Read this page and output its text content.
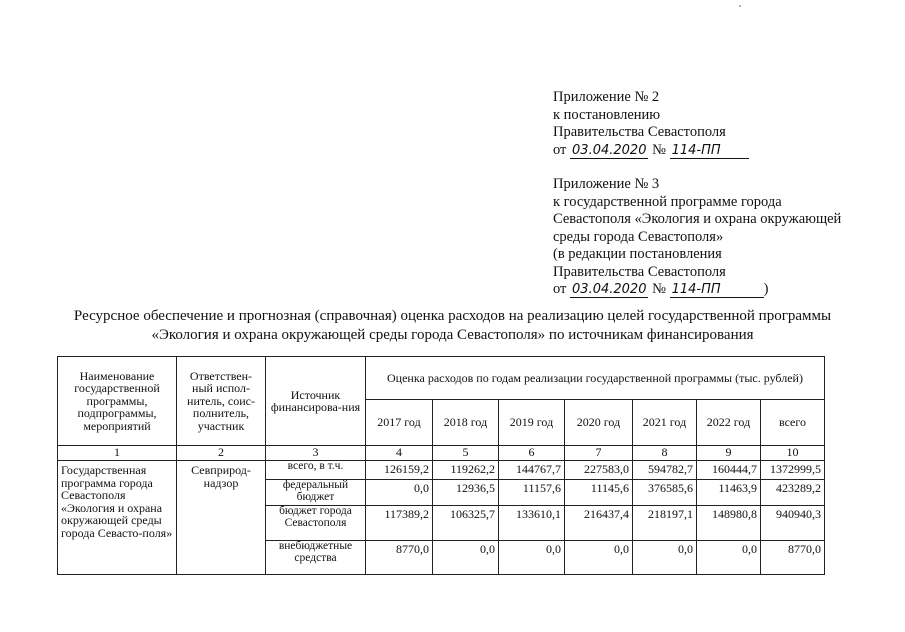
Приложение № 2
к постановлению
Правительства Севастополя
от 03.04.2020 № 114-ПП
Приложение № 3
к государственной программе города
Севастополя «Экология и охрана окружающей
среды города Севастополя»
(в редакции постановления
Правительства Севастополя
от 03.04.2020 № 114-ПП	)
Ресурсное обеспечение и прогнозная (справочная) оценка расходов на реализацию целей государственной программы
«Экология и охрана окружающей среды города Севастополя» по источникам финансирования
Наименование государственной программы, подпрограммы, мероприятий	Ответствен-ный испол-нитель, соис-полнитель, участник	Источник финансирова-ния	Оценка расходов по годам реализации государственной программы (тыс. рублей)						
			2017 год	2018 год	2019 год	2020 год	2021 год	2022 год	всего
1	2	3	4	5	6	7	8	9	10
Государственная программа города Севастополя «Экология и охрана окружающей среды города Севасто-поля»	Севприрод-надзор	всего, в т.ч.	126159,2	119262,2	144767,7	227583,0	594782,7	160444,7	1372999,5
		федеральный бюджет	0,0	12936,5	11157,6	11145,6	376585,6	11463,9	423289,2
		бюджет города Севастополя	117389,2	106325,7	133610,1	216437,4	218197,1	148980,8	940940,3
		внебюджетные средства	8770,0	0,0	0,0	0,0	0,0	0,0	8770,0
